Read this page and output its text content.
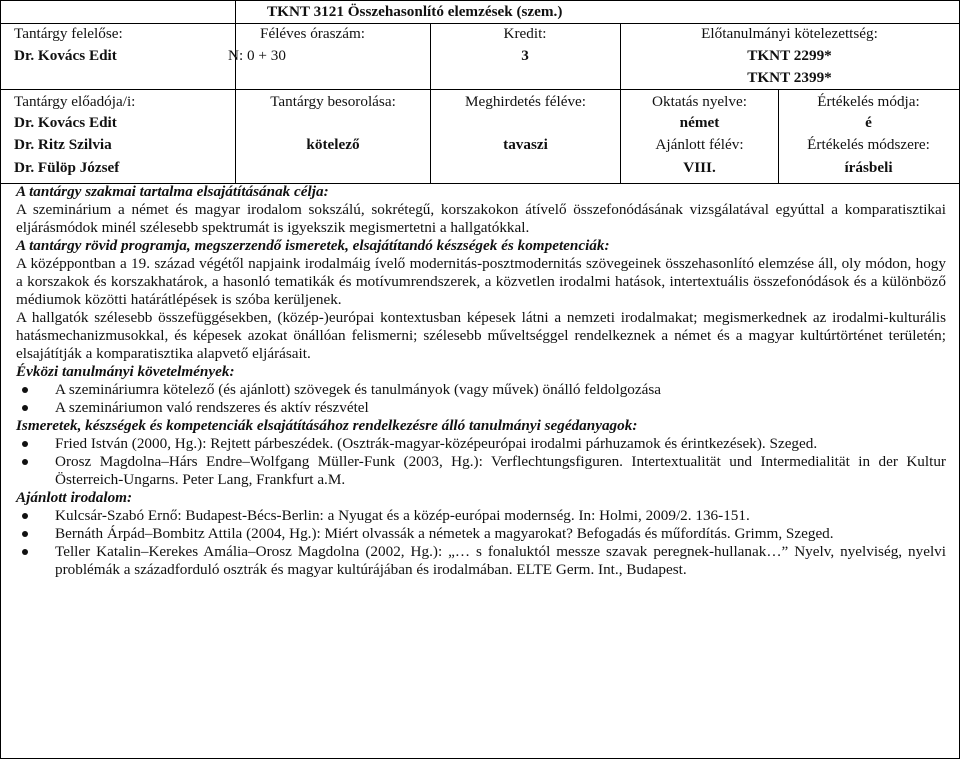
TKNT 3121 Összehasonlító elemzések (szem.)
Tantárgy felelőse:
Dr. Kovács Edit
Féléves óraszám:
N: 0 + 30
Kredit:
3
Előtanulmányi kötelezettség:
TKNT 2299*
TKNT 2399*
Tantárgy előadója/i:
Dr. Kovács Edit
Dr. Ritz Szilvia
Dr. Fülöp József
Tantárgy besorolása:
kötelező
Meghirdetés féléve:
tavaszi
Oktatás nyelve:
német
Ajánlott félév:
VIII.
Értékelés módja:
é
Értékelés módszere:
írásbeli

A tantárgy szakmai tartalma elsajátításának célja:

A szeminárium a német és magyar irodalom sokszálú, sokrétegű, korszakokon átívelő összefonódásának vizsgálatával egyúttal a komparatisztikai eljárásmódok minél szélesebb spektrumát is igyekszik megismertetni a hallgatókkal.

A tantárgy rövid programja, megszerzendő ismeretek, elsajátítandó készségek és kompetenciák:

A középpontban a 19. század végétől napjaink irodalmáig ívelő modernitás-posztmodernitás szövegeinek összehasonlító elemzése áll, oly módon, hogy a korszakok és korszakhatárok, a hasonló tematikák és motívumrendszerek, a közvetlen irodalmi hatások, intertextuális összefonódások és a különböző médiumok közötti határátlépések is szóba kerüljenek.

A hallgatók szélesebb összefüggésekben, (közép-)európai kontextusban képesek látni a nemzeti irodalmakat; megismerkednek az irodalmi-kulturális hatásmechanizmusokkal, és képesek azokat önállóan felismerni; szélesebb műveltséggel rendelkeznek a német és a magyar kultúrtörténet területén; elsajátítják a komparatisztika alapvető eljárásait.

Évközi tanulmányi követelmények:

A szemináriumra kötelező (és ajánlott) szövegek és tanulmányok (vagy művek) önálló feldolgozása
A szemináriumon való rendszeres és aktív részvétel

Ismeretek, készségek és kompetenciák elsajátításához rendelkezésre álló tanulmányi segédanyagok:

Fried István (2000, Hg.): Rejtett párbeszédek. (Osztrák-magyar-középeurópai irodalmi párhuzamok és érintkezések). Szeged.
Orosz Magdolna–Hárs Endre–Wolfgang Müller-Funk (2003, Hg.): Verflechtungsfiguren. Intertextualität und Intermedialität in der Kultur Österreich-Ungarns. Peter Lang, Frankfurt a.M.

Ajánlott irodalom:

Kulcsár-Szabó Ernő: Budapest-Bécs-Berlin: a Nyugat és a közép-európai modernség. In: Holmi, 2009/2. 136-151.
Bernáth Árpád–Bombitz Attila (2004, Hg.): Miért olvassák a németek a magyarokat? Befogadás és műfordítás. Grimm, Szeged.
Teller Katalin–Kerekes Amália–Orosz Magdolna (2002, Hg.): „… s fonaluktól messze szavak peregnek-hullanak…” Nyelv, nyelviség, nyelvi problémák a századforduló osztrák és magyar kultúrájában és irodalmában. ELTE Germ. Int., Budapest.
